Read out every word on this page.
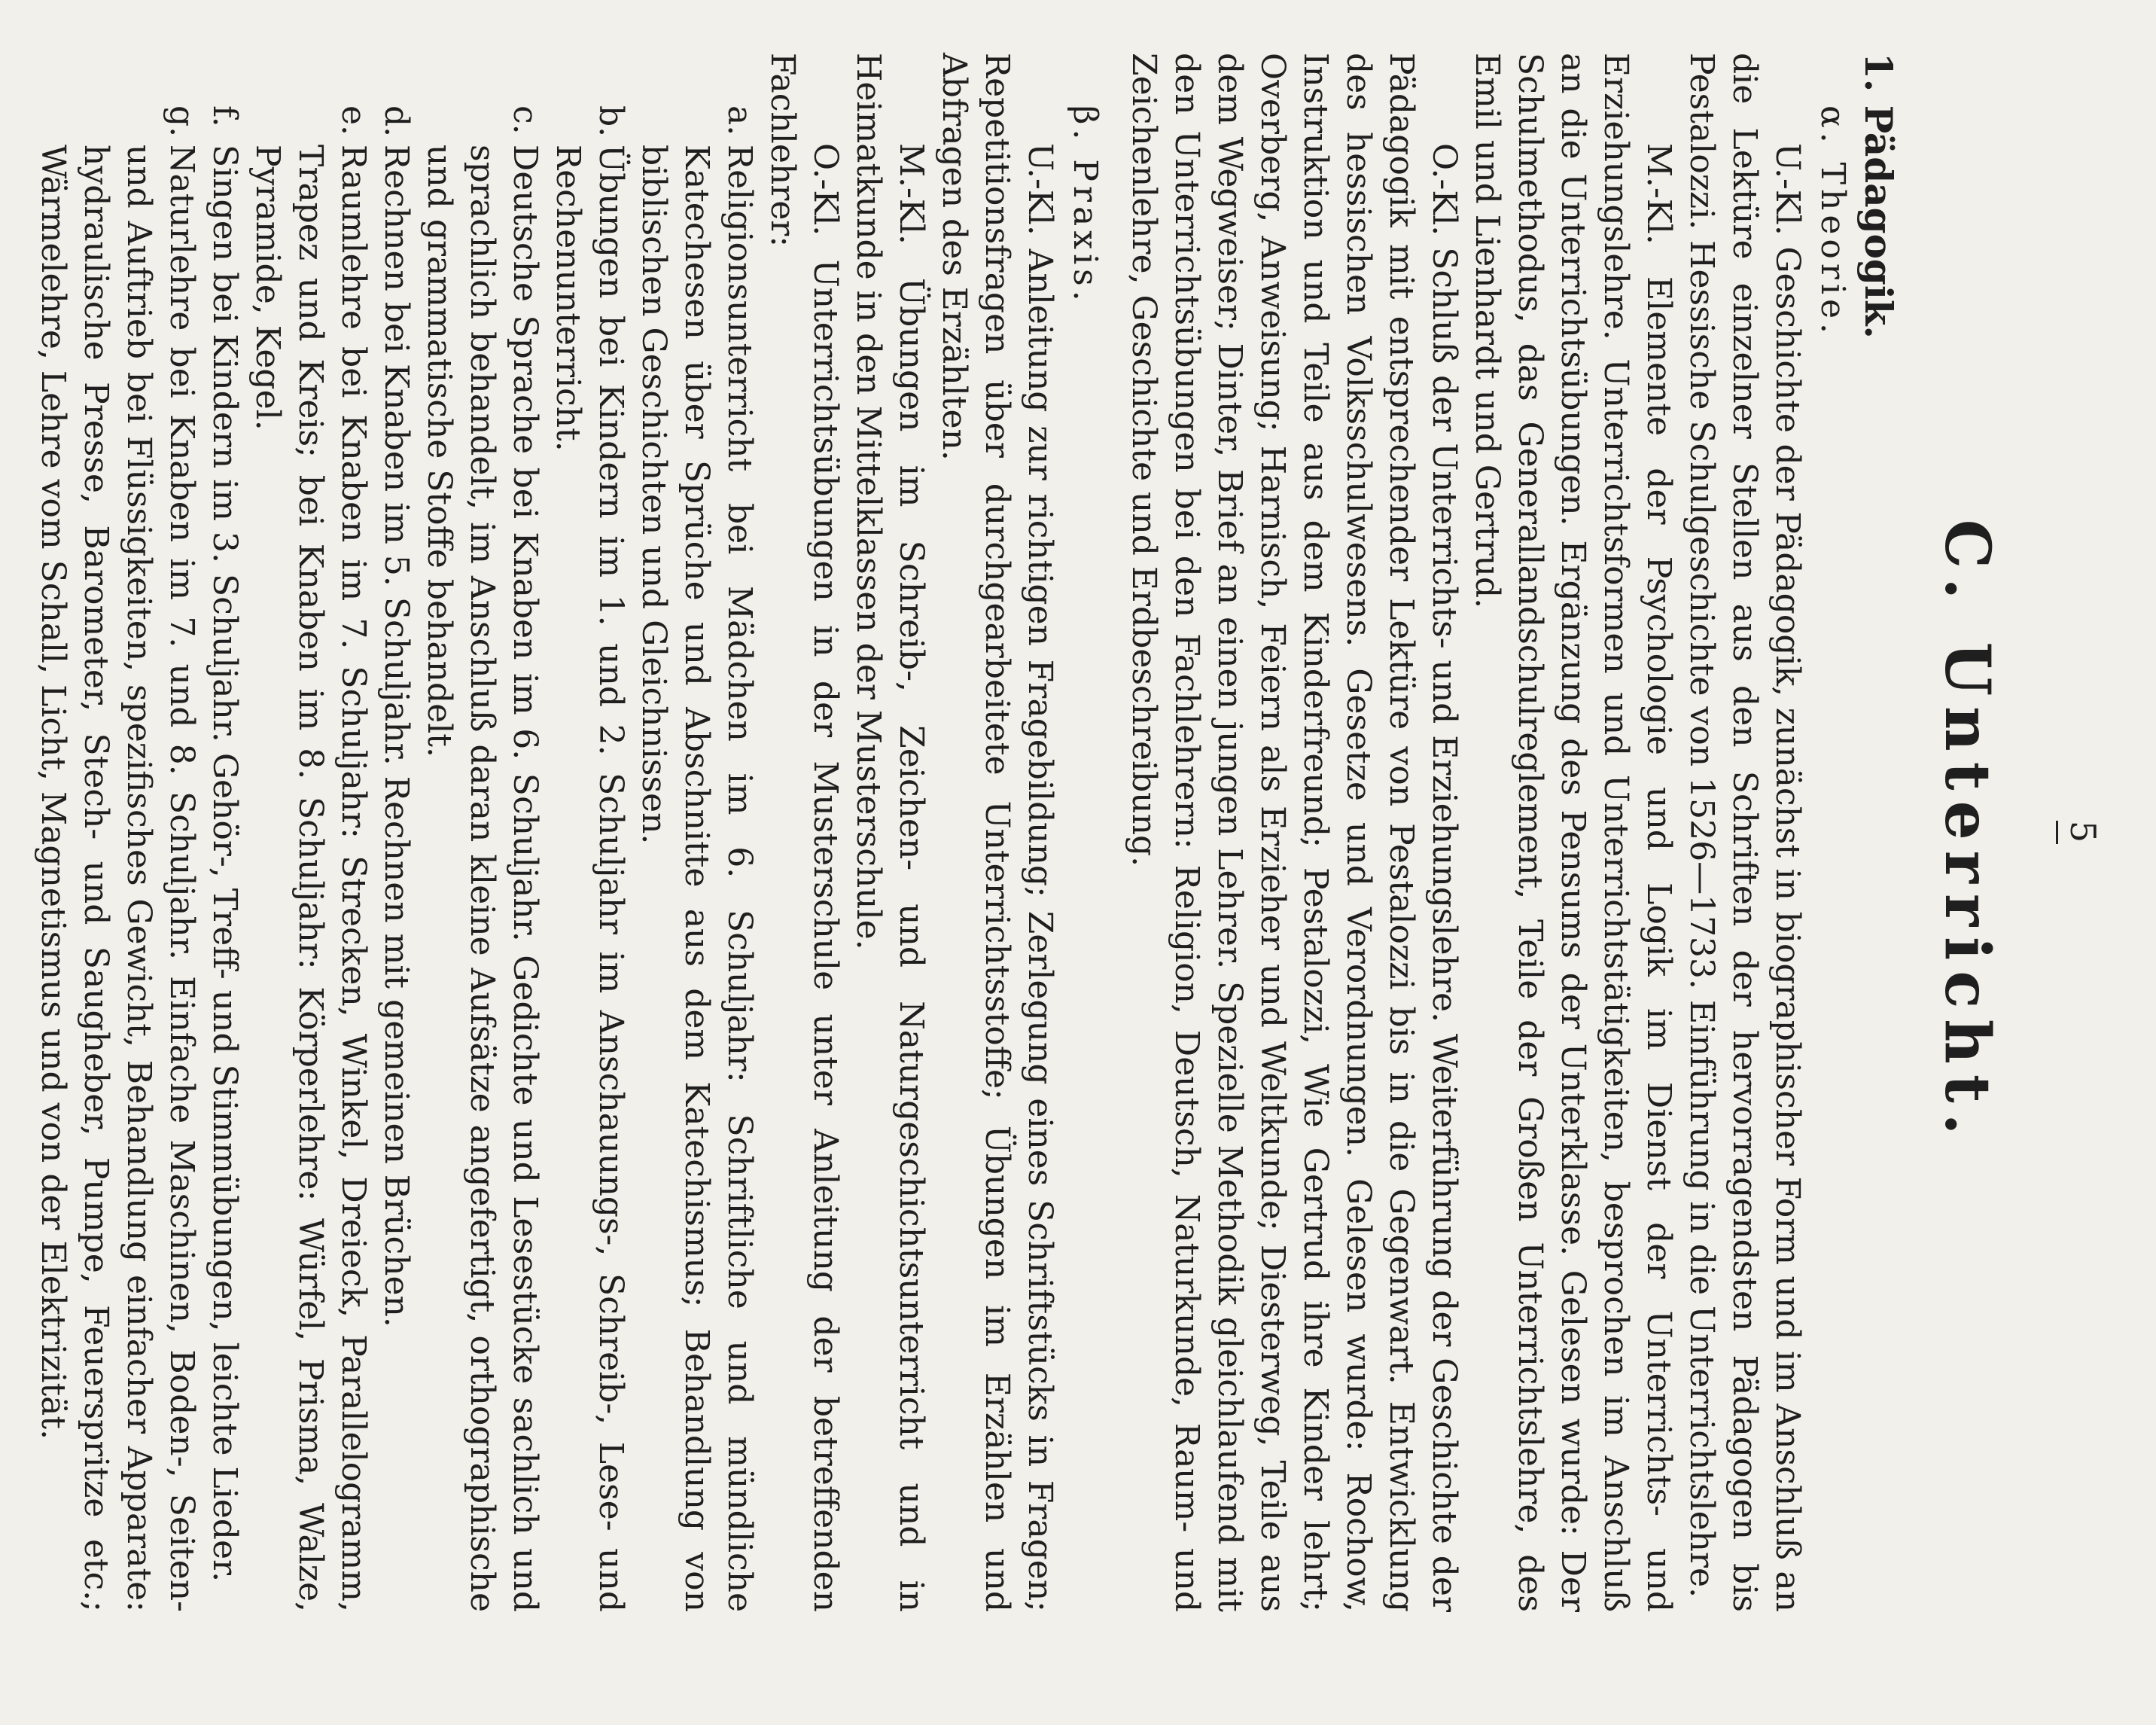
5
C. Unterricht.
1. Pädagogik.
α. Theorie.

U.-Kl. Geschichte der Pädagogik, zunächst in biographischer Form und im Anschluß an die Lektüre einzelner Stellen aus den Schriften der hervorragendsten Pädagogen bis Pestalozzi. Hessische Schulgeschichte von 1526—1733. Einführung in die Unterrichtslehre.

M.-Kl. Elemente der Psychologie und Logik im Dienst der Unterrichts- und Erziehungslehre. Unterrichtsformen und Unterrichtstätigkeiten, besprochen im Anschluß an die Unterrichtsübungen. Ergänzung des Pensums der Unterklasse. Gelesen wurde: Der Schulmethodus, das Generallandschulreglement, Teile der Großen Unterrichtslehre, des Emil und Lienhardt und Gertrud.

O.-Kl. Schluß der Unterrichts- und Erziehungslehre. Weiterführung der Geschichte der Pädagogik mit entsprechender Lektüre von Pestalozzi bis in die Gegenwart. Entwicklung des hessischen Volksschulwesens. Gesetze und Verordnungen. Gelesen wurde: Rochow, Instruktion und Teile aus dem Kinderfreund; Pestalozzi, Wie Gertrud ihre Kinder lehrt; Overberg, Anweisung; Harnisch, Feiern als Erzieher und Weltkunde; Diesterweg, Teile aus dem Wegweiser; Dinter, Brief an einen jungen Lehrer. Spezielle Methodik gleichlaufend mit den Unterrichtsübungen bei den Fachlehrern: Religion, Deutsch, Naturkunde, Raum- und Zeichenlehre, Geschichte und Erdbeschreibung.

β. Praxis.

U.-Kl. Anleitung zur richtigen Fragebildung; Zerlegung eines Schriftstücks in Fragen; Repetitionsfragen über durchgearbeitete Unterrichtsstoffe; Übungen im Erzählen und Abfragen des Erzählten.

M.-Kl. Übungen im Schreib-, Zeichen- und Naturgeschichtsunterricht und in Heimatkunde in den Mittelklassen der Musterschule.

O.-Kl. Unterrichtsübungen in der Musterschule unter Anleitung der betreffenden Fachlehrer:

a.Religionsunterricht bei Mädchen im 6. Schuljahr: Schriftliche und mündliche Katechesen über Sprüche und Abschnitte aus dem Katechismus; Behandlung von biblischen Geschichten und Gleichnissen.

b.Übungen bei Kindern im 1. und 2. Schuljahr im Anschauungs-, Schreib-, Lese- und Rechenunterricht.

c.Deutsche Sprache bei Knaben im 6. Schuljahr. Gedichte und Lesestücke sachlich und sprachlich behandelt, im Anschluß daran kleine Aufsätze angefertigt, orthographische und grammatische Stoffe behandelt.

d.Rechnen bei Knaben im 5. Schuljahr. Rechnen mit gemeinen Brüchen.

e.Raumlehre bei Knaben im 7. Schuljahr: Strecken, Winkel, Dreieck, Parallelogramm, Trapez und Kreis; bei Knaben im 8. Schuljahr: Körperlehre: Würfel, Prisma, Walze, Pyramide, Kegel.

f.Singen bei Kindern im 3. Schuljahr. Gehör-, Treff- und Stimmübungen, leichte Lieder.

g.Naturlehre bei Knaben im 7. und 8. Schuljahr. Einfache Maschinen, Boden-, Seiten- und Auftrieb bei Flüssigkeiten, spezifisches Gewicht, Behandlung einfacher Apparate: hydraulische Presse, Barometer, Stech- und Saugheber, Pumpe, Feuerspritze etc.; Wärmelehre, Lehre vom Schall, Licht, Magnetismus und von der Elektrizität.
